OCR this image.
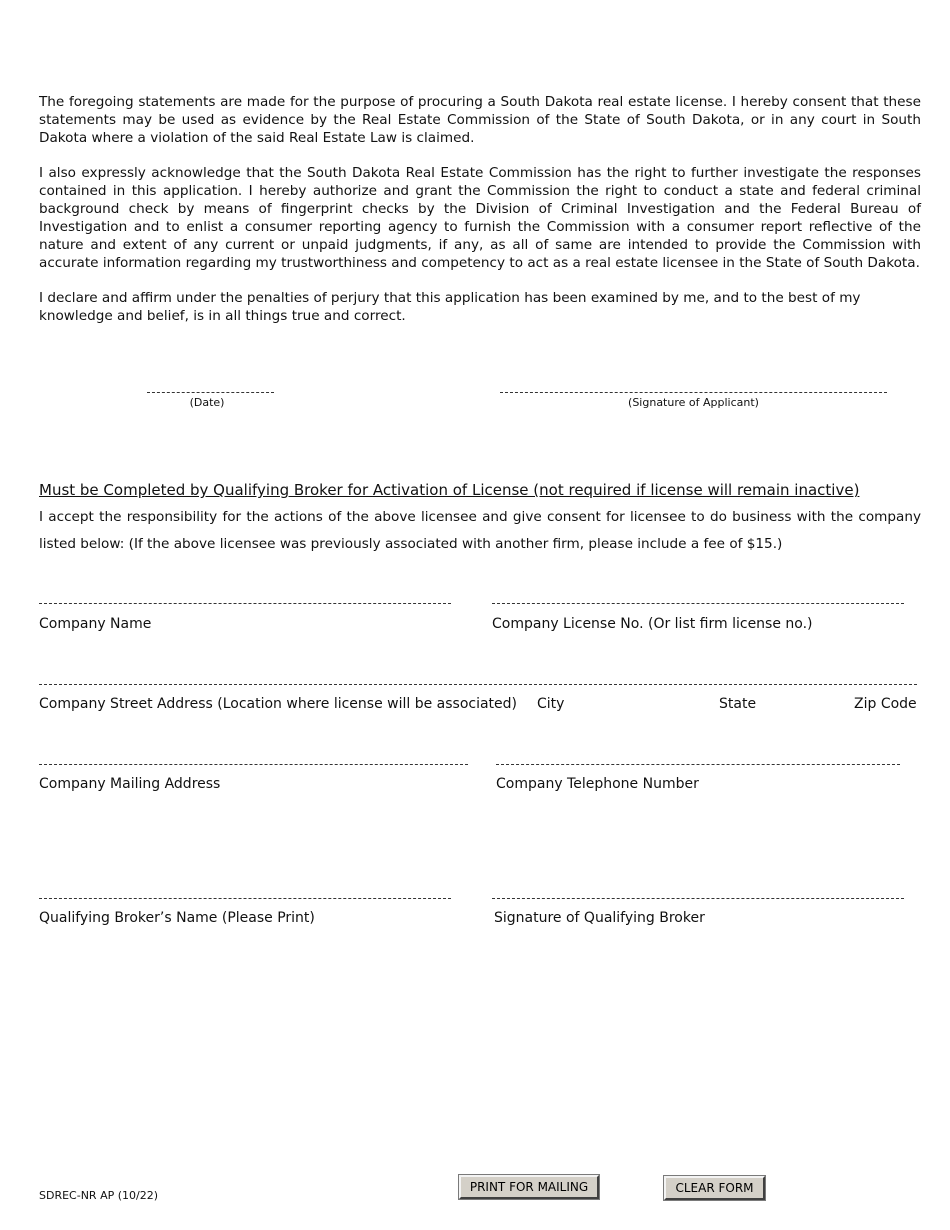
The foregoing statements are made for the purpose of procuring a South Dakota real estate license. I hereby consent that these statements may be used as evidence by the Real Estate Commission of the State of South Dakota, or in any court in South Dakota where a violation of the said Real Estate Law is claimed.

I also expressly acknowledge that the South Dakota Real Estate Commission has the right to further investigate the responses contained in this application. I hereby authorize and grant the Commission the right to conduct a state and federal criminal background check by means of fingerprint checks by the Division of Criminal Investigation and the Federal Bureau of Investigation and to enlist a consumer reporting agency to furnish the Commission with a consumer report reflective of the nature and extent of any current or unpaid judgments, if any, as all of same are intended to provide the Commission with accurate information regarding my trustworthiness and competency to act as a real estate licensee in the State of South Dakota.

I declare and affirm under the penalties of perjury that this application has been examined by me, and to the best of my knowledge and belief, is in all things true and correct.

(Date)	(Signature of Applicant)
Must be Completed by Qualifying Broker for Activation of License (not required if license will remain inactive)

I accept the responsibility for the actions of the above licensee and give consent for licensee to do business with the company listed below: (If the above licensee was previously associated with another firm, please include a fee of $15.)

Company Name	Company License No. (Or list firm license no.)
Company Street Address (Location where license will be associated) City	State	Zip Code
Company Mailing Address	Company Telephone Number
Qualifying Broker’s Name (Please Print)	Signature of Qualifying Broker
PRINT FOR MAILING	CLEAR FORM
SDREC-NR AP (10/22)
